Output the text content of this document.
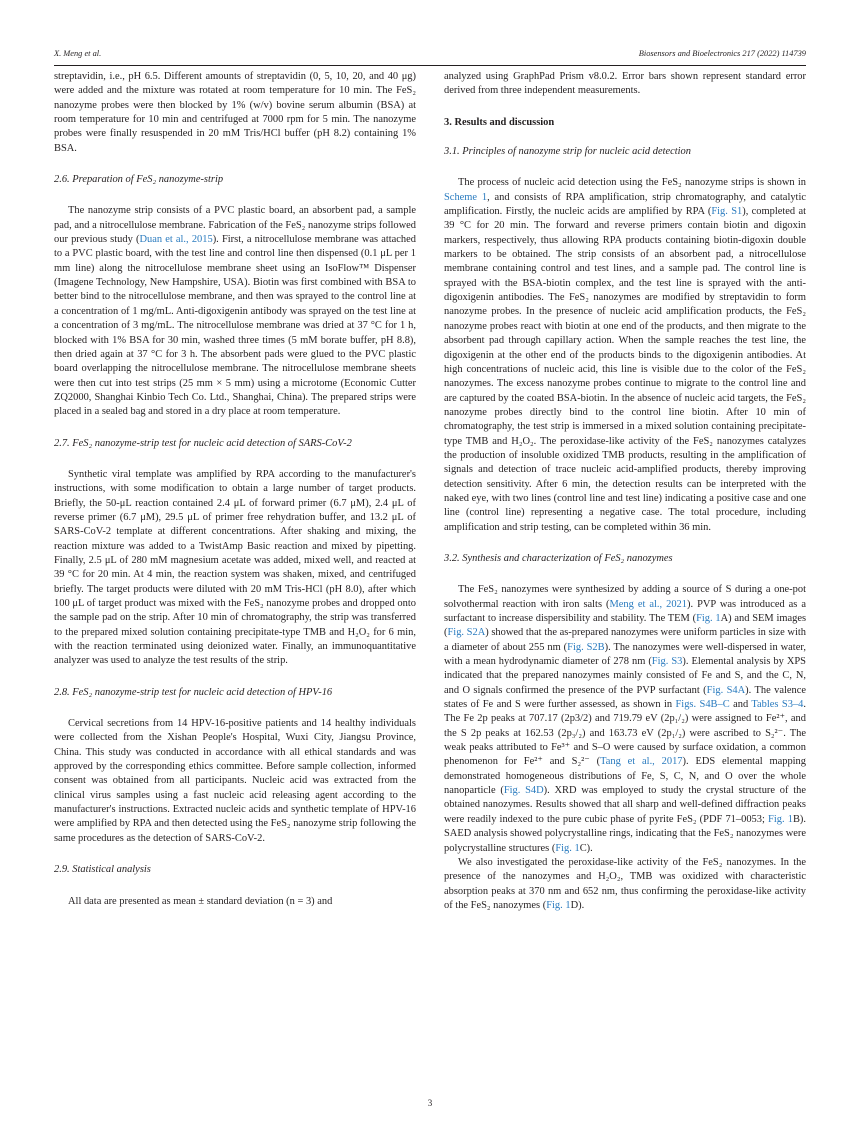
X. Meng et al.	Biosensors and Bioelectronics 217 (2022) 114739

streptavidin, i.e., pH 6.5. Different amounts of streptavidin (0, 5, 10, 20, and 40 μg) were added and the mixture was rotated at room temperature for 10 min. The FeS₂ nanozyme probes were then blocked by 1% (w/v) bovine serum albumin (BSA) at room temperature for 10 min and centrifuged at 7000 rpm for 5 min. The nanozyme probes were finally resuspended in 20 mM Tris/HCl buffer (pH 8.2) containing 1% BSA.

2.6. Preparation of FeS₂ nanozyme-strip

The nanozyme strip consists of a PVC plastic board, an absorbent pad, a sample pad, and a nitrocellulose membrane. Fabrication of the FeS₂ nanozyme strips followed our previous study (Duan et al., 2015). First, a nitrocellulose membrane was attached to a PVC plastic board, with the test line and control line then dispensed (0.1 μL per 1 mm line) along the nitrocellulose membrane sheet using an IsoFlow™ Dispenser (Imagene Technology, New Hampshire, USA). Biotin was first combined with BSA to better bind to the nitrocellulose membrane, and then was sprayed to the control line at a concentration of 1 mg/mL. Anti-digoxigenin antibody was sprayed on the test line at a concentration of 3 mg/mL. The nitrocellulose membrane was dried at 37 °C for 1 h, blocked with 1% BSA for 30 min, washed three times (5 mM borate buffer, pH 8.8), then dried again at 37 °C for 3 h. The absorbent pads were glued to the PVC plastic board overlapping the nitrocellulose membrane. The nitrocellulose membrane sheets were then cut into test strips (25 mm × 5 mm) using a microtome (Economic Cutter ZQ2000, Shanghai Kinbio Tech Co. Ltd., Shanghai, China). The prepared strips were placed in a sealed bag and stored in a dry place at room temperature.

2.7. FeS₂ nanozyme-strip test for nucleic acid detection of SARS-CoV-2

Synthetic viral template was amplified by RPA according to the manufacturer's instructions, with some modification to obtain a large number of target products. Briefly, the 50-μL reaction contained 2.4 μL of forward primer (6.7 μM), 2.4 μL of reverse primer (6.7 μM), 29.5 μL of primer free rehydration buffer, and 13.2 μL of SARS-CoV-2 template at different concentrations. After shaking and mixing, the reaction mixture was added to a TwistAmp Basic reaction and mixed by pipetting. Finally, 2.5 μL of 280 mM magnesium acetate was added, mixed well, and reacted at 39 °C for 20 min. At 4 min, the reaction system was shaken, mixed, and centrifuged briefly. The target products were diluted with 20 mM Tris-HCl (pH 8.0), after which 100 μL of target product was mixed with the FeS₂ nanozyme probes and dropped onto the sample pad on the strip. After 10 min of chromatography, the strip was transferred to the prepared mixed solution containing precipitate-type TMB and H₂O₂ for 6 min, with the reaction terminated using deionized water. Finally, an immunoquantitative analyzer was used to analyze the test results of the strip.

2.8. FeS₂ nanozyme-strip test for nucleic acid detection of HPV-16

Cervical secretions from 14 HPV-16-positive patients and 14 healthy individuals were collected from the Xishan People's Hospital, Wuxi City, Jiangsu Province, China. This study was conducted in accordance with all ethical standards and was approved by the corresponding ethics committee. Before sample collection, informed consent was obtained from all participants. Nucleic acid was extracted from the clinical virus samples using a fast nucleic acid releasing agent according to the manufacturer's instructions. Extracted nucleic acids and synthetic template of HPV-16 were amplified by RPA and then detected using the FeS₂ nanozyme strip following the same procedures as the detection of SARS-CoV-2.

2.9. Statistical analysis

All data are presented as mean ± standard deviation (n = 3) and

analyzed using GraphPad Prism v8.0.2. Error bars shown represent standard error derived from three independent measurements.

3. Results and discussion

3.1. Principles of nanozyme strip for nucleic acid detection

The process of nucleic acid detection using the FeS₂ nanozyme strips is shown in Scheme 1, and consists of RPA amplification, strip chromatography, and catalytic amplification. Firstly, the nucleic acids are amplified by RPA (Fig. S1), completed at 39 °C for 20 min. The forward and reverse primers contain biotin and digoxin markers, respectively, thus allowing RPA products containing biotin-digoxin double markers to be obtained. The strip consists of an absorbent pad, a nitrocellulose membrane containing control and test lines, and a sample pad. The control line is sprayed with the BSA-biotin complex, and the test line is sprayed with the anti-digoxigenin antibodies. The FeS₂ nanozymes are modified by streptavidin to form nanozyme probes. In the presence of nucleic acid amplification products, the FeS₂ nanozyme probes react with biotin at one end of the products, and then migrate to the absorbent pad through capillary action. When the sample reaches the test line, the digoxigenin at the other end of the products binds to the digoxigenin antibodies. At high concentrations of nucleic acid, this line is visible due to the color of the FeS₂ nanozymes. The excess nanozyme probes continue to migrate to the control line and are captured by the coated BSA-biotin. In the absence of nucleic acid targets, the FeS₂ nanozyme probes directly bind to the control line biotin. After 10 min of chromatography, the test strip is immersed in a mixed solution containing precipitate-type TMB and H₂O₂. The peroxidase-like activity of the FeS₂ nanozymes catalyzes the production of insoluble oxidized TMB products, resulting in the amplification of signals and detection of trace nucleic acid-amplified products, thereby improving detection sensitivity. After 6 min, the detection results can be interpreted with the naked eye, with two lines (control line and test line) indicating a positive case and one line (control line) representing a negative case. The total procedure, including amplification and strip testing, can be completed within 36 min.

3.2. Synthesis and characterization of FeS₂ nanozymes

The FeS₂ nanozymes were synthesized by adding a source of S during a one-pot solvothermal reaction with iron salts (Meng et al., 2021). PVP was introduced as a surfactant to increase dispersibility and stability. The TEM (Fig. 1A) and SEM images (Fig. S2A) showed that the as-prepared nanozymes were uniform particles in size with a diameter of about 255 nm (Fig. S2B). The nanozymes were well-dispersed in water, with a mean hydrodynamic diameter of 278 nm (Fig. S3). Elemental analysis by XPS indicated that the prepared nanozymes mainly consisted of Fe and S, and the C, N, and O signals confirmed the presence of the PVP surfactant (Fig. S4A). The valence states of Fe and S were further assessed, as shown in Figs. S4B–C and Tables S3–4. The Fe 2p peaks at 707.17 (2p3/2) and 719.79 eV (2p₁/₂) were assigned to Fe²⁺, and the S 2p peaks at 162.53 (2p₃/₂) and 163.73 eV (2p₁/₂) were ascribed to S₂²⁻. The weak peaks attributed to Fe³⁺ and S–O were caused by surface oxidation, a common phenomenon for Fe²⁺ and S₂²⁻ (Tang et al., 2017). EDS elemental mapping demonstrated homogeneous distributions of Fe, S, C, N, and O over the whole nanoparticle (Fig. S4D). XRD was employed to study the crystal structure of the obtained nanozymes. Results showed that all sharp and well-defined diffraction peaks were readily indexed to the pure cubic phase of pyrite FeS₂ (PDF 71–0053; Fig. 1B). SAED analysis showed polycrystalline rings, indicating that the FeS₂ nanozymes were polycrystalline structures (Fig. 1C).

We also investigated the peroxidase-like activity of the FeS₂ nanozymes. In the presence of the nanozymes and H₂O₂, TMB was oxidized with characteristic absorption peaks at 370 nm and 652 nm, thus confirming the peroxidase-like activity of the FeS₂ nanozymes (Fig. 1D).

3
